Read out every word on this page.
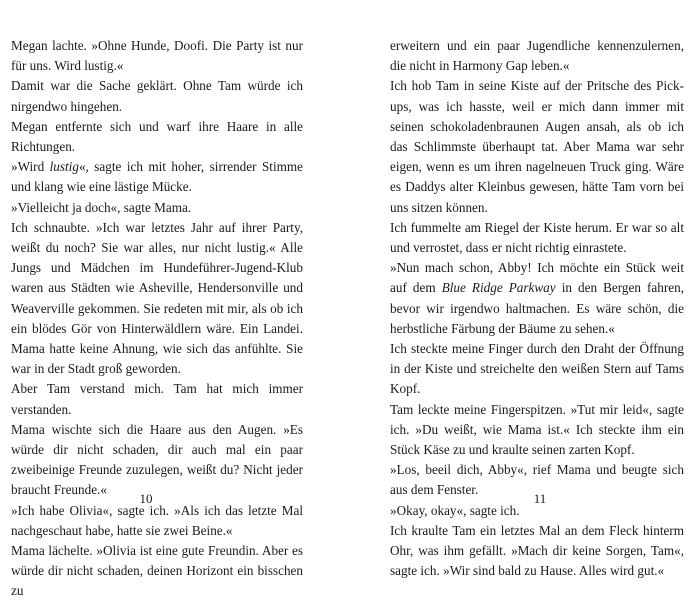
Megan lachte. »Ohne Hunde, Doofi. Die Party ist nur für uns. Wird lustig.«

Damit war die Sache geklärt. Ohne Tam würde ich nirgendwo hingehen.

Megan entfernte sich und warf ihre Haare in alle Richtungen.

»Wird lustig«, sagte ich mit hoher, sirrender Stimme und klang wie eine lästige Mücke.

»Vielleicht ja doch«, sagte Mama.

Ich schnaubte. »Ich war letztes Jahr auf ihrer Party, weißt du noch? Sie war alles, nur nicht lustig.« Alle Jungs und Mädchen im Hundeführer-Jugend-Klub waren aus Städten wie Asheville, Hendersonville und Weaverville gekommen. Sie redeten mit mir, als ob ich ein blödes Gör von Hinterwäldlern wäre. Ein Landei. Mama hatte keine Ahnung, wie sich das anfühlte. Sie war in der Stadt groß geworden.

Aber Tam verstand mich. Tam hat mich immer verstanden.

Mama wischte sich die Haare aus den Augen. »Es würde dir nicht schaden, dir auch mal ein paar zweibeinige Freunde zuzulegen, weißt du? Nicht jeder braucht Freunde.«

»Ich habe Olivia«, sagte ich. »Als ich das letzte Mal nachgeschaut habe, hatte sie zwei Beine.«

Mama lächelte. »Olivia ist eine gute Freundin. Aber es würde dir nicht schaden, deinen Horizont ein bisschen zu

erweitern und ein paar Jugendliche kennenzulernen, die nicht in Harmony Gap leben.«

Ich hob Tam in seine Kiste auf der Pritsche des Pick-ups, was ich hasste, weil er mich dann immer mit seinen schokoladenbraunen Augen ansah, als ob ich das Schlimmste überhaupt tat. Aber Mama war sehr eigen, wenn es um ihren nagelneuen Truck ging. Wäre es Daddys alter Kleinbus gewesen, hätte Tam vorn bei uns sitzen können.

Ich fummelte am Riegel der Kiste herum. Er war so alt und verrostet, dass er nicht richtig einrastete.

»Nun mach schon, Abby! Ich möchte ein Stück weit auf dem Blue Ridge Parkway in den Bergen fahren, bevor wir irgendwo haltmachen. Es wäre schön, die herbstliche Färbung der Bäume zu sehen.«

Ich steckte meine Finger durch den Draht der Öffnung in der Kiste und streichelte den weißen Stern auf Tams Kopf.

Tam leckte meine Fingerspitzen. »Tut mir leid«, sagte ich. »Du weißt, wie Mama ist.« Ich steckte ihm ein Stück Käse zu und kraulte seinen zarten Kopf.

»Los, beeil dich, Abby«, rief Mama und beugte sich aus dem Fenster.

»Okay, okay«, sagte ich.

Ich kraulte Tam ein letztes Mal an dem Fleck hinterm Ohr, was ihm gefällt. »Mach dir keine Sorgen, Tam«, sagte ich. »Wir sind bald zu Hause. Alles wird gut.«

10	11
